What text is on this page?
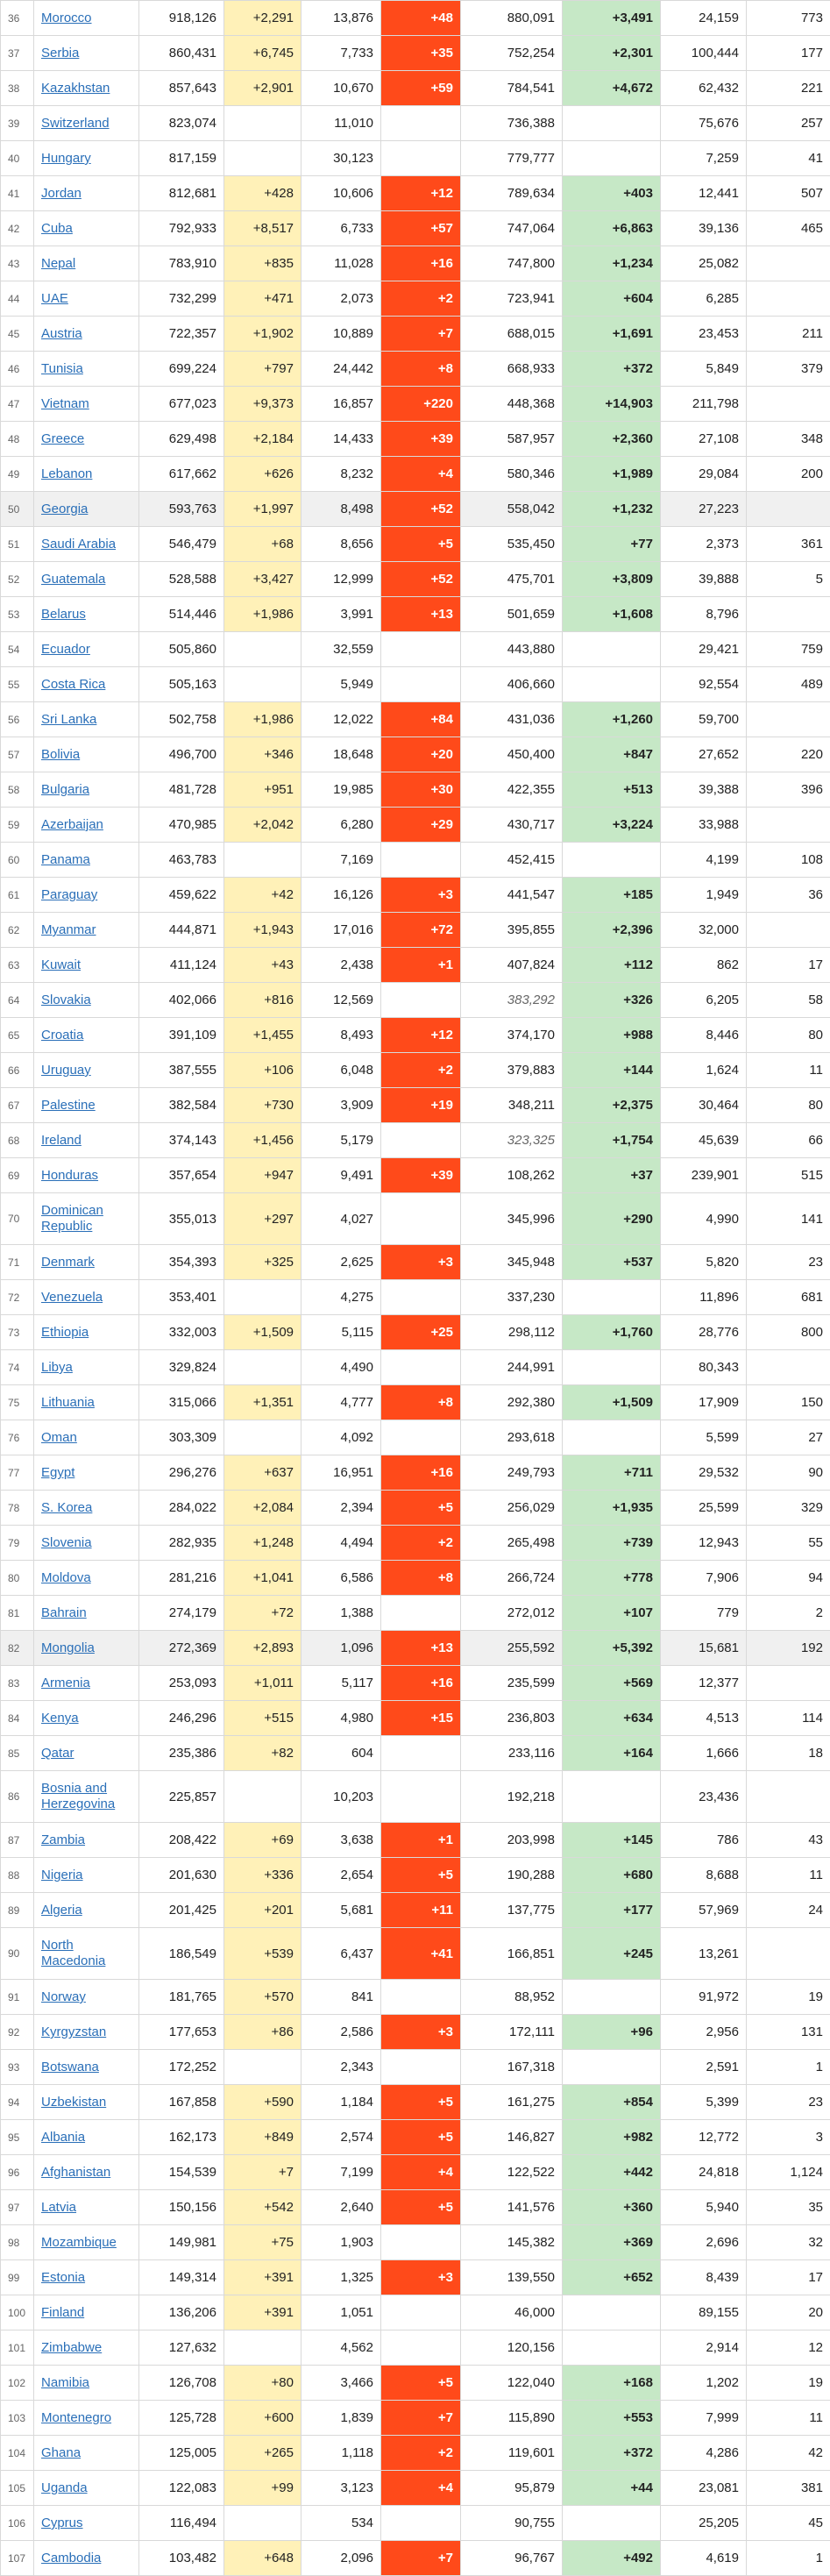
36	Morocco	918,126	+2,291	13,876	+48	880,091	+3,491	24,159	773
37	Serbia	860,431	+6,745	7,733	+35	752,254	+2,301	100,444	177
38	Kazakhstan	857,643	+2,901	10,670	+59	784,541	+4,672	62,432	221
39	Switzerland	823,074		11,010		736,388		75,676	257
40	Hungary	817,159		30,123		779,777		7,259	41
41	Jordan	812,681	+428	10,606	+12	789,634	+403	12,441	507
42	Cuba	792,933	+8,517	6,733	+57	747,064	+6,863	39,136	465
43	Nepal	783,910	+835	11,028	+16	747,800	+1,234	25,082	
44	UAE	732,299	+471	2,073	+2	723,941	+604	6,285	
45	Austria	722,357	+1,902	10,889	+7	688,015	+1,691	23,453	211
46	Tunisia	699,224	+797	24,442	+8	668,933	+372	5,849	379
47	Vietnam	677,023	+9,373	16,857	+220	448,368	+14,903	211,798	
48	Greece	629,498	+2,184	14,433	+39	587,957	+2,360	27,108	348
49	Lebanon	617,662	+626	8,232	+4	580,346	+1,989	29,084	200
50	Georgia	593,763	+1,997	8,498	+52	558,042	+1,232	27,223	
51	Saudi Arabia	546,479	+68	8,656	+5	535,450	+77	2,373	361
52	Guatemala	528,588	+3,427	12,999	+52	475,701	+3,809	39,888	5
53	Belarus	514,446	+1,986	3,991	+13	501,659	+1,608	8,796	
54	Ecuador	505,860		32,559		443,880		29,421	759
55	Costa Rica	505,163		5,949		406,660		92,554	489
56	Sri Lanka	502,758	+1,986	12,022	+84	431,036	+1,260	59,700	
57	Bolivia	496,700	+346	18,648	+20	450,400	+847	27,652	220
58	Bulgaria	481,728	+951	19,985	+30	422,355	+513	39,388	396
59	Azerbaijan	470,985	+2,042	6,280	+29	430,717	+3,224	33,988	
60	Panama	463,783		7,169		452,415		4,199	108
61	Paraguay	459,622	+42	16,126	+3	441,547	+185	1,949	36
62	Myanmar	444,871	+1,943	17,016	+72	395,855	+2,396	32,000	
63	Kuwait	411,124	+43	2,438	+1	407,824	+112	862	17
64	Slovakia	402,066	+816	12,569		383,292	+326	6,205	58
65	Croatia	391,109	+1,455	8,493	+12	374,170	+988	8,446	80
66	Uruguay	387,555	+106	6,048	+2	379,883	+144	1,624	11
67	Palestine	382,584	+730	3,909	+19	348,211	+2,375	30,464	80
68	Ireland	374,143	+1,456	5,179		323,325	+1,754	45,639	66
69	Honduras	357,654	+947	9,491	+39	108,262	+37	239,901	515
70	Dominican Republic	355,013	+297	4,027		345,996	+290	4,990	141
71	Denmark	354,393	+325	2,625	+3	345,948	+537	5,820	23
72	Venezuela	353,401		4,275		337,230		11,896	681
73	Ethiopia	332,003	+1,509	5,115	+25	298,112	+1,760	28,776	800
74	Libya	329,824		4,490		244,991		80,343	
75	Lithuania	315,066	+1,351	4,777	+8	292,380	+1,509	17,909	150
76	Oman	303,309		4,092		293,618		5,599	27
77	Egypt	296,276	+637	16,951	+16	249,793	+711	29,532	90
78	S. Korea	284,022	+2,084	2,394	+5	256,029	+1,935	25,599	329
79	Slovenia	282,935	+1,248	4,494	+2	265,498	+739	12,943	55
80	Moldova	281,216	+1,041	6,586	+8	266,724	+778	7,906	94
81	Bahrain	274,179	+72	1,388		272,012	+107	779	2
82	Mongolia	272,369	+2,893	1,096	+13	255,592	+5,392	15,681	192
83	Armenia	253,093	+1,011	5,117	+16	235,599	+569	12,377	
84	Kenya	246,296	+515	4,980	+15	236,803	+634	4,513	114
85	Qatar	235,386	+82	604		233,116	+164	1,666	18
86	Bosnia and Herzegovina	225,857		10,203		192,218		23,436	
87	Zambia	208,422	+69	3,638	+1	203,998	+145	786	43
88	Nigeria	201,630	+336	2,654	+5	190,288	+680	8,688	11
89	Algeria	201,425	+201	5,681	+11	137,775	+177	57,969	24
90	North Macedonia	186,549	+539	6,437	+41	166,851	+245	13,261	
91	Norway	181,765	+570	841		88,952		91,972	19
92	Kyrgyzstan	177,653	+86	2,586	+3	172,111	+96	2,956	131
93	Botswana	172,252		2,343		167,318		2,591	1
94	Uzbekistan	167,858	+590	1,184	+5	161,275	+854	5,399	23
95	Albania	162,173	+849	2,574	+5	146,827	+982	12,772	3
96	Afghanistan	154,539	+7	7,199	+4	122,522	+442	24,818	1,124
97	Latvia	150,156	+542	2,640	+5	141,576	+360	5,940	35
98	Mozambique	149,981	+75	1,903		145,382	+369	2,696	32
99	Estonia	149,314	+391	1,325	+3	139,550	+652	8,439	17
100	Finland	136,206	+391	1,051		46,000		89,155	20
101	Zimbabwe	127,632		4,562		120,156		2,914	12
102	Namibia	126,708	+80	3,466	+5	122,040	+168	1,202	19
103	Montenegro	125,728	+600	1,839	+7	115,890	+553	7,999	11
104	Ghana	125,005	+265	1,118	+2	119,601	+372	4,286	42
105	Uganda	122,083	+99	3,123	+4	95,879	+44	23,081	381
106	Cyprus	116,494		534		90,755		25,205	45
107	Cambodia	103,482	+648	2,096	+7	96,767	+492	4,619	1
